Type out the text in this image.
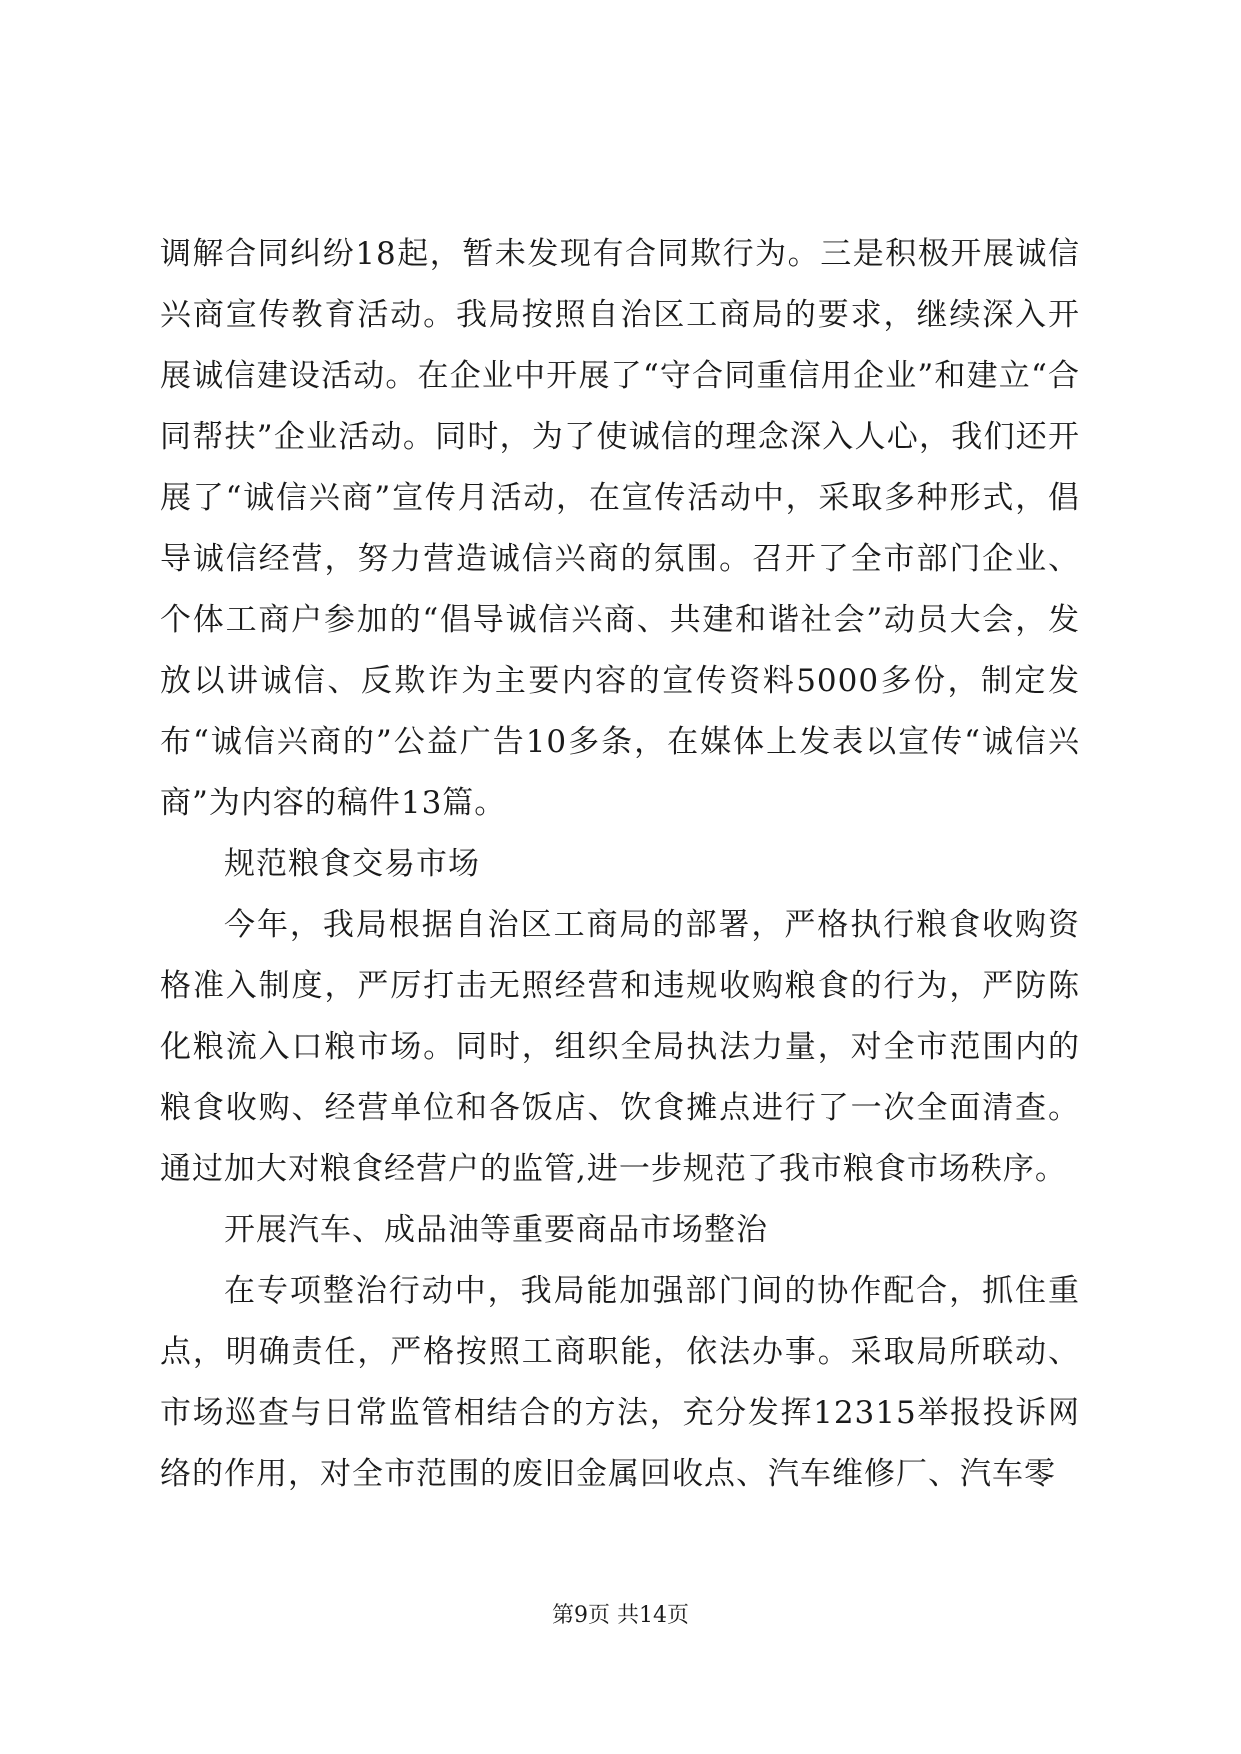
调解合同纠纷18起，暂未发现有合同欺行为。三是积极开展诚信兴商宣传教育活动。我局按照自治区工商局的要求，继续深入开展诚信建设活动。在企业中开展了“守合同重信用企业”和建立“合同帮扶”企业活动。同时，为了使诚信的理念深入人心，我们还开展了“诚信兴商”宣传月活动，在宣传活动中，采取多种形式，倡导诚信经营，努力营造诚信兴商的氛围。召开了全市部门企业、个体工商户参加的“倡导诚信兴商、共建和谐社会”动员大会，发放以讲诚信、反欺诈为主要内容的宣传资料5000多份，制定发布“诚信兴商的”公益广告10多条，在媒体上发表以宣传“诚信兴商”为内容的稿件13篇。

规范粮食交易市场

今年，我局根据自治区工商局的部署，严格执行粮食收购资格准入制度，严厉打击无照经营和违规收购粮食的行为，严防陈化粮流入口粮市场。同时，组织全局执法力量，对全市范围内的粮食收购、经营单位和各饭店、饮食摊点进行了一次全面清查。通过加大对粮食经营户的监管,进一步规范了我市粮食市场秩序。

开展汽车、成品油等重要商品市场整治

在专项整治行动中，我局能加强部门间的协作配合，抓住重点，明确责任，严格按照工商职能，依法办事。采取局所联动、市场巡查与日常监管相结合的方法，充分发挥12315举报投诉网络的作用，对全市范围的废旧金属回收点、汽车维修厂、汽车零

第9页 共14页
